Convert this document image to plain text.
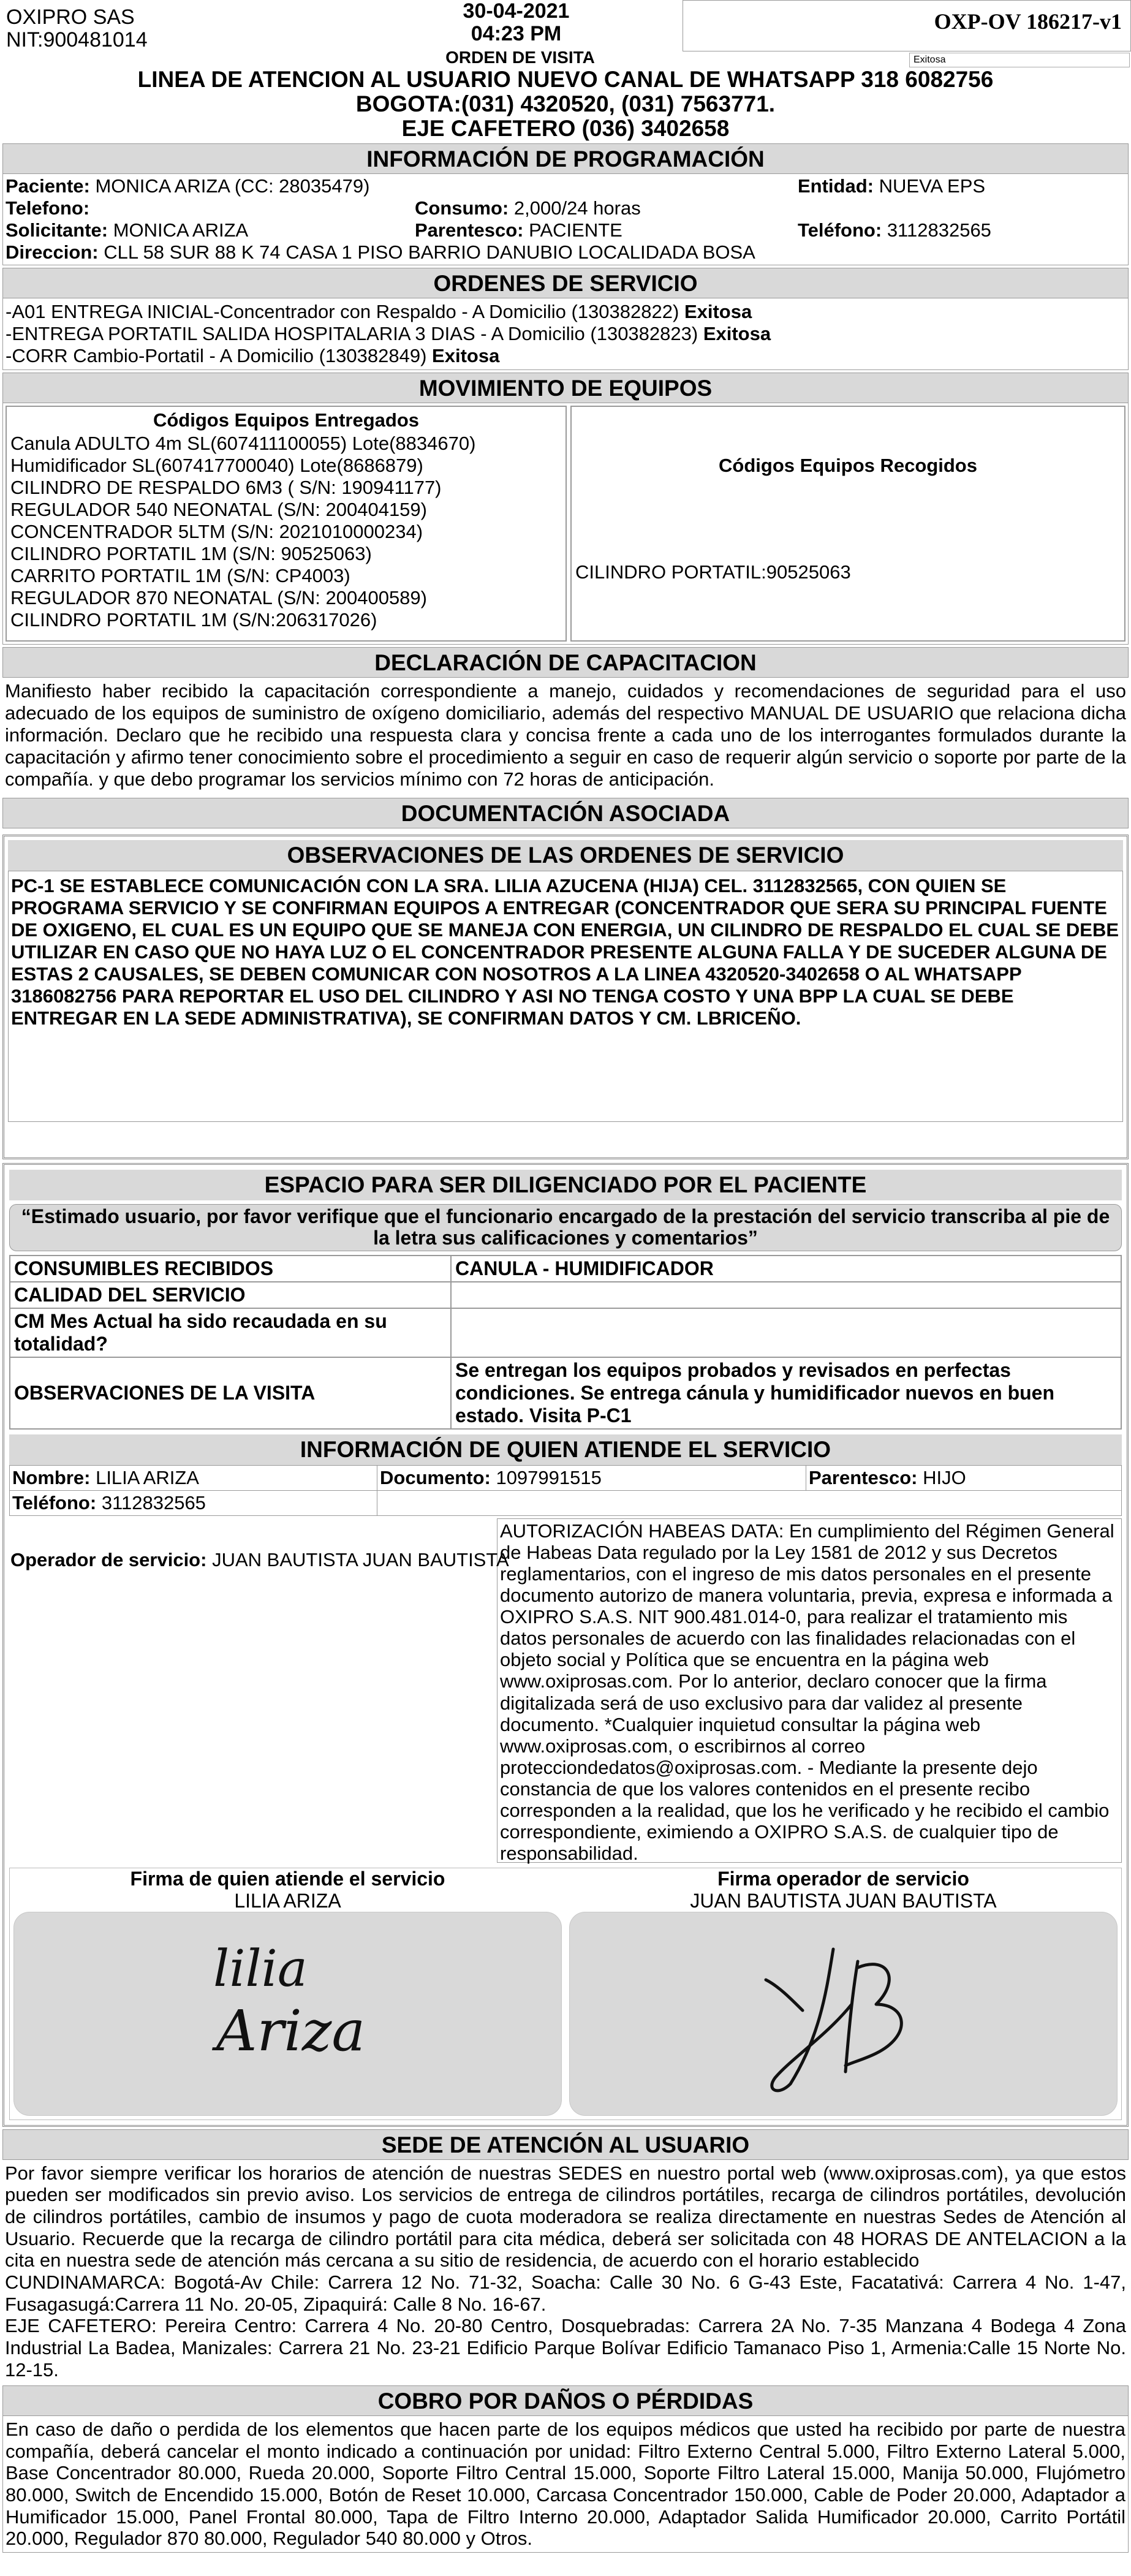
OXIPRO SAS
NIT:900481014
30-04-2021
04:23 PM
ORDEN DE VISITA
OXP-OV 186217-v1
Exitosa
LINEA DE ATENCION AL USUARIO NUEVO CANAL DE WHATSAPP 318 6082756
BOGOTA:(031) 4320520, (031) 7563771.
EJE CAFETERO (036) 3402658
INFORMACIÓN DE PROGRAMACIÓN
Paciente: MONICA ARIZA (CC: 28035479)	Entidad: NUEVA EPS
Telefono:	Consumo: 2,000/24 horas
Solicitante: MONICA ARIZA	Parentesco: PACIENTE	Teléfono: 3112832565
Direccion: CLL 58 SUR 88 K 74 CASA 1 PISO BARRIO DANUBIO LOCALIDADA BOSA
ORDENES DE SERVICIO
-A01 ENTREGA INICIAL-Concentrador con Respaldo - A Domicilio (130382822) Exitosa
-ENTREGA PORTATIL SALIDA HOSPITALARIA 3 DIAS - A Domicilio (130382823) Exitosa
-CORR Cambio-Portatil - A Domicilio (130382849) Exitosa
MOVIMIENTO DE EQUIPOS
Códigos Equipos Entregados
Canula ADULTO 4m SL(607411100055) Lote(8834670)
Humidificador SL(607417700040) Lote(8686879)
CILINDRO DE RESPALDO 6M3 ( S/N: 190941177)
REGULADOR 540 NEONATAL (S/N: 200404159)
CONCENTRADOR 5LTM (S/N: 2021010000234)
CILINDRO PORTATIL 1M (S/N: 90525063)
CARRITO PORTATIL 1M (S/N: CP4003)
REGULADOR 870 NEONATAL (S/N: 200400589)
CILINDRO PORTATIL 1M (S/N:206317026)
Códigos Equipos Recogidos
CILINDRO PORTATIL:90525063
DECLARACIÓN DE CAPACITACION
Manifiesto haber recibido la capacitación correspondiente a manejo, cuidados y recomendaciones de seguridad para el uso adecuado de los equipos de suministro de oxígeno domiciliario, además del respectivo MANUAL DE USUARIO que relaciona dicha información. Declaro que he recibido una respuesta clara y concisa frente a cada uno de los interrogantes formulados durante la capacitación y afirmo tener conocimiento sobre el procedimiento a seguir en caso de requerir algún servicio o soporte por parte de la compañía. y que debo programar los servicios mínimo con 72 horas de anticipación.
DOCUMENTACIÓN ASOCIADA
OBSERVACIONES DE LAS ORDENES DE SERVICIO
PC-1 SE ESTABLECE COMUNICACIÓN CON LA SRA. LILIA AZUCENA (HIJA) CEL. 3112832565, CON QUIEN SE PROGRAMA SERVICIO Y SE CONFIRMAN EQUIPOS A ENTREGAR (CONCENTRADOR QUE SERA SU PRINCIPAL FUENTE DE OXIGENO, EL CUAL ES UN EQUIPO QUE SE MANEJA CON ENERGIA, UN CILINDRO DE RESPALDO EL CUAL SE DEBE UTILIZAR EN CASO QUE NO HAYA LUZ O EL CONCENTRADOR PRESENTE ALGUNA FALLA Y DE SUCEDER ALGUNA DE ESTAS 2 CAUSALES, SE DEBEN COMUNICAR CON NOSOTROS A LA LINEA 4320520-3402658 O AL WHATSAPP 3186082756 PARA REPORTAR EL USO DEL CILINDRO Y ASI NO TENGA COSTO Y UNA BPP LA CUAL SE DEBE ENTREGAR EN LA SEDE ADMINISTRATIVA), SE CONFIRMAN DATOS Y CM. LBRICEÑO.
ESPACIO PARA SER DILIGENCIADO POR EL PACIENTE
“Estimado usuario, por favor verifique que el funcionario encargado de la prestación del servicio transcriba al pie de la letra sus calificaciones y comentarios”
CONSUMIBLES RECIBIDOS	CANULA - HUMIDIFICADOR
CALIDAD DEL SERVICIO	
CM Mes Actual ha sido recaudada en su totalidad?	
OBSERVACIONES DE LA VISITA	Se entregan los equipos probados y revisados en perfectas condiciones. Se entrega cánula y humidificador nuevos en buen estado. Visita P-C1
INFORMACIÓN DE QUIEN ATIENDE EL SERVICIO
Nombre: LILIA ARIZA	Documento: 1097991515	Parentesco: HIJO
Teléfono: 3112832565
Operador de servicio: JUAN BAUTISTA JUAN BAUTISTA
AUTORIZACIÓN HABEAS DATA: En cumplimiento del Régimen General de Habeas Data regulado por la Ley 1581 de 2012 y sus Decretos reglamentarios, con el ingreso de mis datos personales en el presente documento autorizo de manera voluntaria, previa, expresa e informada a OXIPRO S.A.S. NIT 900.481.014-0, para realizar el tratamiento mis datos personales de acuerdo con las finalidades relacionadas con el objeto social y Política que se encuentra en la página web www.oxiprosas.com. Por lo anterior, declaro conocer que la firma digitalizada será de uso exclusivo para dar validez al presente documento. *Cualquier inquietud consultar la página web www.oxiprosas.com, o escribirnos al correo protecciondedatos@oxiprosas.com. - Mediante la presente dejo constancia de que los valores contenidos en el presente recibo corresponden a la realidad, que los he verificado y he recibido el cambio correspondiente, eximiendo a OXIPRO S.A.S. de cualquier tipo de responsabilidad.
Firma de quien atiende el servicio
LILIA ARIZA
lilia
Ariza
Firma operador de servicio
JUAN BAUTISTA JUAN BAUTISTA
SEDE DE ATENCIÓN AL USUARIO
Por favor siempre verificar los horarios de atención de nuestras SEDES en nuestro portal web (www.oxiprosas.com), ya que estos pueden ser modificados sin previo aviso. Los servicios de entrega de cilindros portátiles, recarga de cilindros portátiles, devolución de cilindros portátiles, cambio de insumos y pago de cuota moderadora se realiza directamente en nuestras Sedes de Atención al Usuario. Recuerde que la recarga de cilindro portátil para cita médica, deberá ser solicitada con 48 HORAS DE ANTELACION a la cita en nuestra sede de atención más cercana a su sitio de residencia, de acuerdo con el horario establecido
CUNDINAMARCA: Bogotá-Av Chile: Carrera 12 No. 71-32, Soacha: Calle 30 No. 6 G-43 Este, Facatativá: Carrera 4 No. 1-47, Fusagasugá:Carrera 11 No. 20-05, Zipaquirá: Calle 8 No. 16-67.
EJE CAFETERO: Pereira Centro: Carrera 4 No. 20-80 Centro, Dosquebradas: Carrera 2A No. 7-35 Manzana 4 Bodega 4 Zona Industrial La Badea, Manizales: Carrera 21 No. 23-21 Edificio Parque Bolívar Edificio Tamanaco Piso 1, Armenia:Calle 15 Norte No. 12-15.
COBRO POR DAÑOS O PÉRDIDAS
En caso de daño o perdida de los elementos que hacen parte de los equipos médicos que usted ha recibido por parte de nuestra compañía, deberá cancelar el monto indicado a continuación por unidad: Filtro Externo Central 5.000, Filtro Externo Lateral 5.000, Base Concentrador 80.000, Rueda 20.000, Soporte Filtro Central 15.000, Soporte Filtro Lateral 15.000, Manija 50.000, Flujómetro 80.000, Switch de Encendido 15.000, Botón de Reset 10.000, Carcasa Concentrador 150.000, Cable de Poder 20.000, Adaptador a Humificador 15.000, Panel Frontal 80.000, Tapa de Filtro Interno 20.000, Adaptador Salida Humificador 20.000, Carrito Portátil 20.000, Regulador 870 80.000, Regulador 540 80.000 y Otros.
